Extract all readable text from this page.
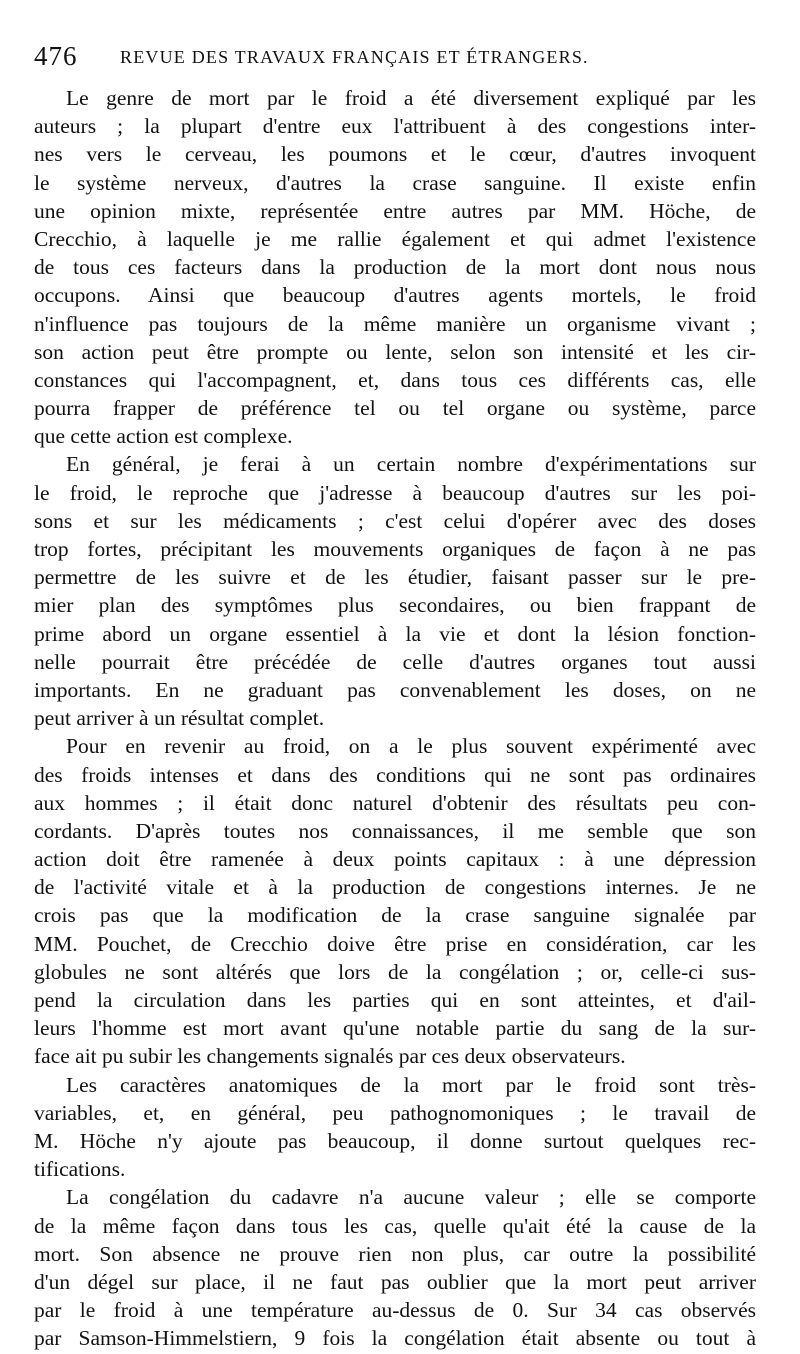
476 REVUE DES TRAVAUX FRANÇAIS ET ÉTRANGERS.
Le genre de mort par le froid a été diversement expliqué par les
auteurs ; la plupart d'entre eux l'attribuent à des congestions inter-
nes vers le cerveau, les poumons et le cœur, d'autres invoquent
le système nerveux, d'autres la crase sanguine. Il existe enfin
une opinion mixte, représentée entre autres par MM. Höche, de
Crecchio, à laquelle je me rallie également et qui admet l'existence
de tous ces facteurs dans la production de la mort dont nous nous
occupons. Ainsi que beaucoup d'autres agents mortels, le froid
n'influence pas toujours de la même manière un organisme vivant ;
son action peut être prompte ou lente, selon son intensité et les cir-
constances qui l'accompagnent, et, dans tous ces différents cas, elle
pourra frapper de préférence tel ou tel organe ou système, parce
que cette action est complexe.
En général, je ferai à un certain nombre d'expérimentations sur
le froid, le reproche que j'adresse à beaucoup d'autres sur les poi-
sons et sur les médicaments ; c'est celui d'opérer avec des doses
trop fortes, précipitant les mouvements organiques de façon à ne pas
permettre de les suivre et de les étudier, faisant passer sur le pre-
mier plan des symptômes plus secondaires, ou bien frappant de
prime abord un organe essentiel à la vie et dont la lésion fonction-
nelle pourrait être précédée de celle d'autres organes tout aussi
importants. En ne graduant pas convenablement les doses, on ne
peut arriver à un résultat complet.
Pour en revenir au froid, on a le plus souvent expérimenté avec
des froids intenses et dans des conditions qui ne sont pas ordinaires
aux hommes ; il était donc naturel d'obtenir des résultats peu con-
cordants. D'après toutes nos connaissances, il me semble que son
action doit être ramenée à deux points capitaux : à une dépression
de l'activité vitale et à la production de congestions internes. Je ne
crois pas que la modification de la crase sanguine signalée par
MM. Pouchet, de Crecchio doive être prise en considération, car les
globules ne sont altérés que lors de la congélation ; or, celle-ci sus-
pend la circulation dans les parties qui en sont atteintes, et d'ail-
leurs l'homme est mort avant qu'une notable partie du sang de la sur-
face ait pu subir les changements signalés par ces deux observateurs.
Les caractères anatomiques de la mort par le froid sont très-
variables, et, en général, peu pathognomoniques ; le travail de
M. Höche n'y ajoute pas beaucoup, il donne surtout quelques rec-
tifications.
La congélation du cadavre n'a aucune valeur ; elle se comporte
de la même façon dans tous les cas, quelle qu'ait été la cause de la
mort. Son absence ne prouve rien non plus, car outre la possibilité
d'un dégel sur place, il ne faut pas oublier que la mort peut arriver
par le froid à une température au-dessus de 0. Sur 34 cas observés
par Samson-Himmelstiern, 9 fois la congélation était absente ou tout à
